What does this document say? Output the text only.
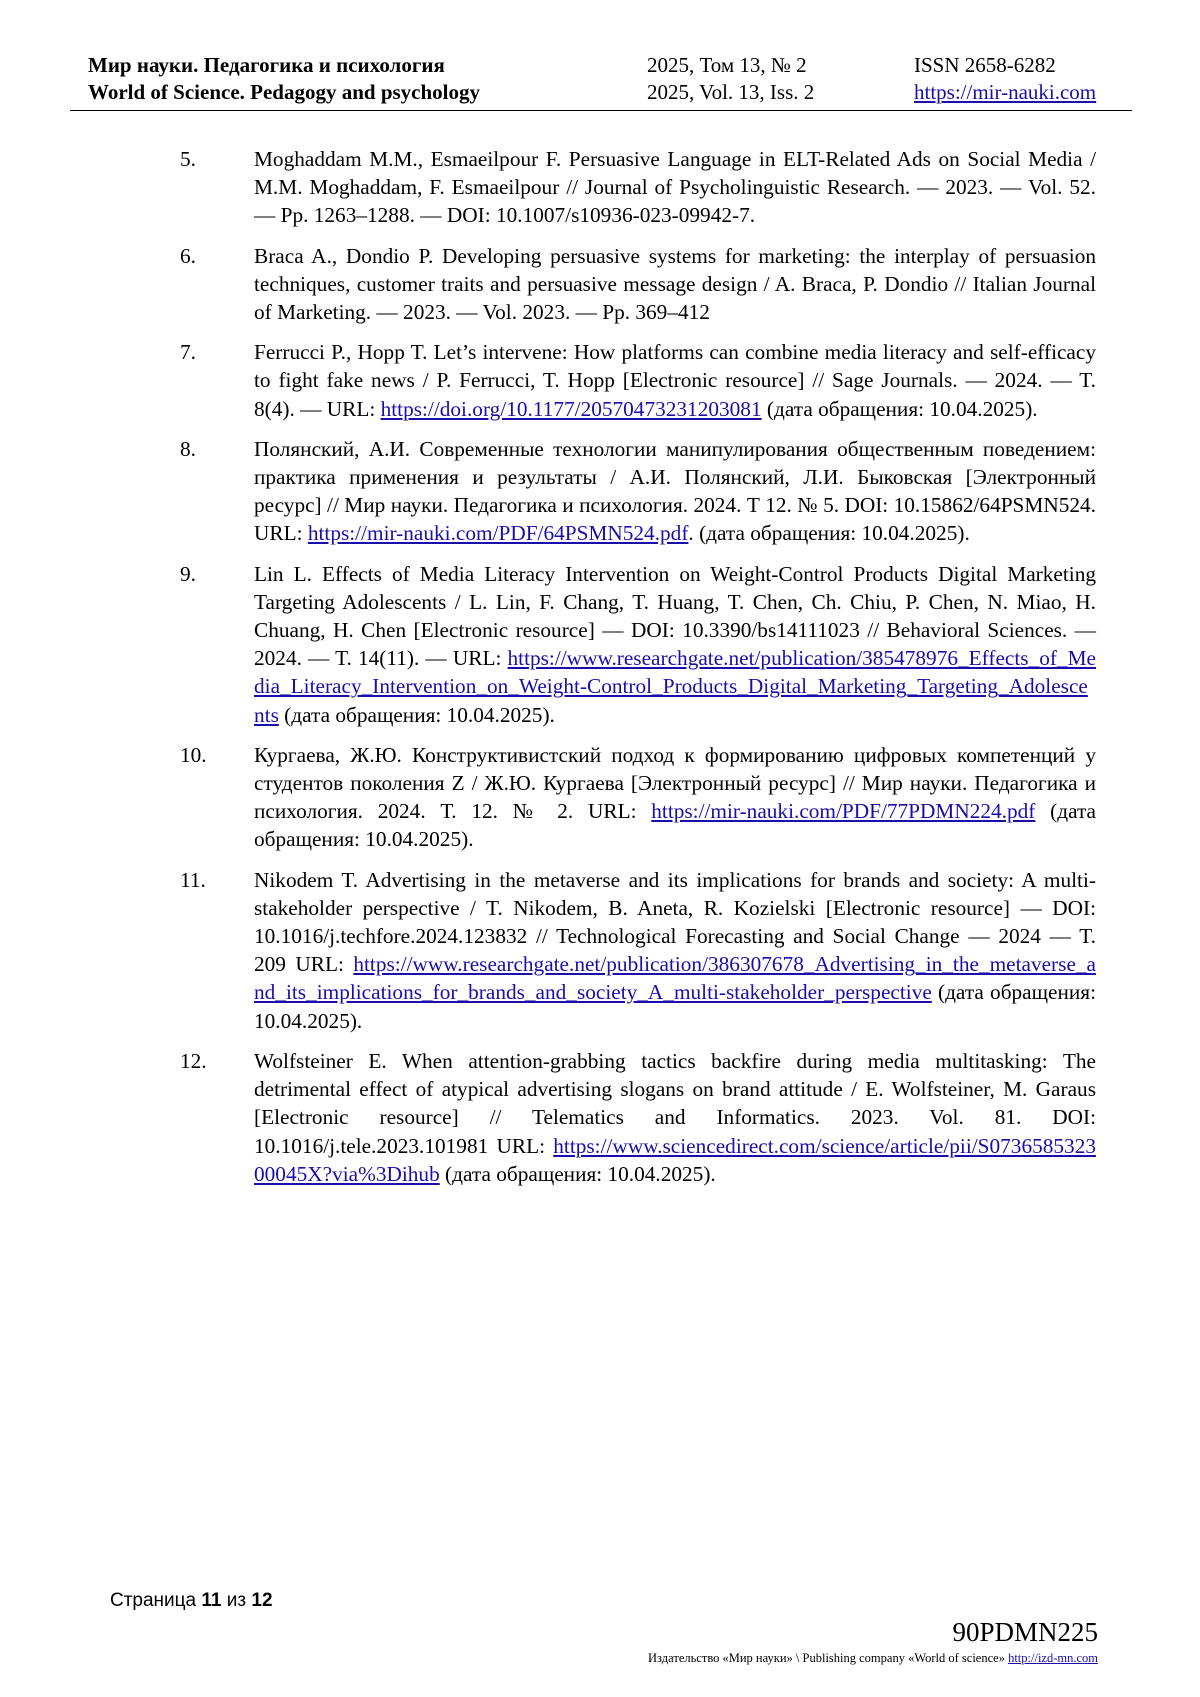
Мир науки. Педагогика и психология	2025, Том 13, № 2	ISSN 2658-6282
World of Science. Pedagogy and psychology	2025, Vol. 13, Iss. 2	https://mir-nauki.com
5.	Moghaddam M.M., Esmaeilpour F. Persuasive Language in ELT-Related Ads on Social Media / M.M. Moghaddam, F. Esmaeilpour // Journal of Psycholinguistic Research. — 2023. — Vol. 52. — Pp. 1263–1288. — DOI: 10.1007/s10936-023-09942-7.
6.	Braca A., Dondio P. Developing persuasive systems for marketing: the interplay of persuasion techniques, customer traits and persuasive message design / A. Braca, P. Dondio // Italian Journal of Marketing. — 2023. — Vol. 2023. — Pp. 369–412
7.	Ferrucci P., Hopp T. Let’s intervene: How platforms can combine media literacy and self-efficacy to fight fake news / P. Ferrucci, T. Hopp [Electronic resource] // Sage Journals. — 2024. — T. 8(4). — URL: https://doi.org/10.1177/20570473231203081 (дата обращения: 10.04.2025).
8.	Полянский, А.И. Современные технологии манипулирования общественным поведением: практика применения и результаты / А.И. Полянский, Л.И. Быковская [Электронный ресурс] // Мир науки. Педагогика и психология. 2024. Т 12. № 5. DOI: 10.15862/64PSMN524. URL: https://mir-nauki.com/PDF/64PSMN524.pdf. (дата обращения: 10.04.2025).
9.	Lin L. Effects of Media Literacy Intervention on Weight-Control Products Digital Marketing Targeting Adolescents / L. Lin, F. Chang, T. Huang, T. Chen, Ch. Chiu, P. Chen, N. Miao, H. Chuang, H. Chen [Electronic resource] — DOI: 10.3390/bs14111023 // Behavioral Sciences. — 2024. — T. 14(11). — URL: https://www.researchgate.net/publication/385478976_Effects_of_Media_Literacy_Intervention_on_Weight-Control_Products_Digital_Marketing_Targeting_Adolescents (дата обращения: 10.04.2025).
10. Кургаева, Ж.Ю. Конструктивистский подход к формированию цифровых компетенций у студентов поколения Z / Ж.Ю. Кургаева [Электронный ресурс] // Мир науки. Педагогика и психология. 2024. Т. 12. № 2. URL: https://mir-nauki.com/PDF/77PDMN224.pdf (дата обращения: 10.04.2025).
11. Nikodem T. Advertising in the metaverse and its implications for brands and society: A multi-stakeholder perspective / T. Nikodem, B. Aneta, R. Kozielski [Electronic resource] — DOI: 10.1016/j.techfore.2024.123832 // Technological Forecasting and Social Change — 2024 — T. 209 URL: https://www.researchgate.net/publication/386307678_Advertising_in_the_metaverse_and_its_implications_for_brands_and_society_A_multi-stakeholder_perspective (дата обращения: 10.04.2025).
12. Wolfsteiner E. When attention-grabbing tactics backfire during media multitasking: The detrimental effect of atypical advertising slogans on brand attitude / E. Wolfsteiner, M. Garaus [Electronic resource] // Telematics and Informatics. 2023. Vol. 81. DOI: 10.1016/j.tele.2023.101981 URL: https://www.sciencedirect.com/science/article/pii/S073658532300045X?via%3Dihub (дата обращения: 10.04.2025).
Страница 11 из 12
90PDMN225
Издательство «Мир науки» \ Publishing company «World of science» http://izd-mn.com
